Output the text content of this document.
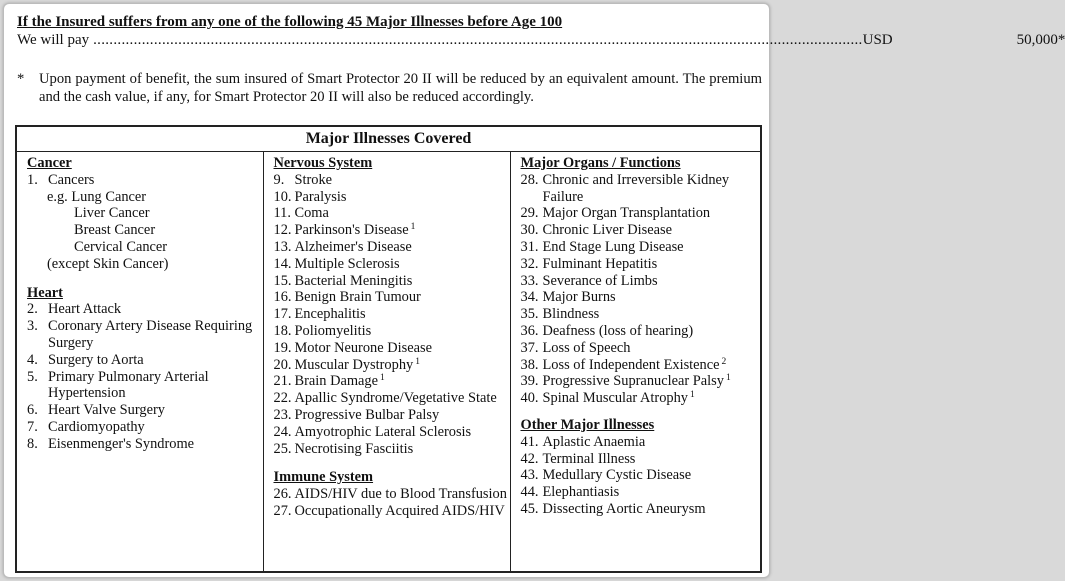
If the Insured suffers from any one of the following 45 Major Illnesses before Age 100
We will pay .............................................................................................................................................................................................. USD	50,000*
*	Upon payment of benefit, the sum insured of Smart Protector 20 II will be reduced by an equivalent amount. The premium and the cash value, if any, for Smart Protector 20 II will also be reduced accordingly.
Major Illnesses Covered

Cancer
1. Cancers
e.g. Lung Cancer
Liver Cancer
Breast Cancer
Cervical Cancer
(except Skin Cancer)
Heart
2. Heart Attack
3. Coronary Artery Disease Requiring Surgery
4. Surgery to Aorta
5. Primary Pulmonary Arterial Hypertension
6. Heart Valve Surgery
7. Cardiomyopathy
8. Eisenmenger's Syndrome

Nervous System
9. Stroke
10. Paralysis
11. Coma
12. Parkinson's Disease $^1$
13. Alzheimer's Disease
14. Multiple Sclerosis
15. Bacterial Meningitis
16. Benign Brain Tumour
17. Encephalitis
18. Poliomyelitis
19. Motor Neurone Disease
20. Muscular Dystrophy $^1$
21. Brain Damage $^1$
22. Apallic Syndrome/Vegetative State
23. Progressive Bulbar Palsy
24. Amyotrophic Lateral Sclerosis
25. Necrotising Fasciitis
Immune System
26. AIDS/HIV due to Blood Transfusion
27. Occupationally Acquired AIDS/HIV

Major Organs / Functions
28. Chronic and Irreversible Kidney Failure
29. Major Organ Transplantation
30. Chronic Liver Disease
31. End Stage Lung Disease
32. Fulminant Hepatitis
33. Severance of Limbs
34. Major Burns
35. Blindness
36. Deafness (loss of hearing)
37. Loss of Speech
38. Loss of Independent Existence $^2$
39. Progressive Supranuclear Palsy $^1$
40. Spinal Muscular Atrophy $^1$
Other Major Illnesses
41. Aplastic Anaemia
42. Terminal Illness
43. Medullary Cystic Disease
44. Elephantiasis
45. Dissecting Aortic Aneurysm
